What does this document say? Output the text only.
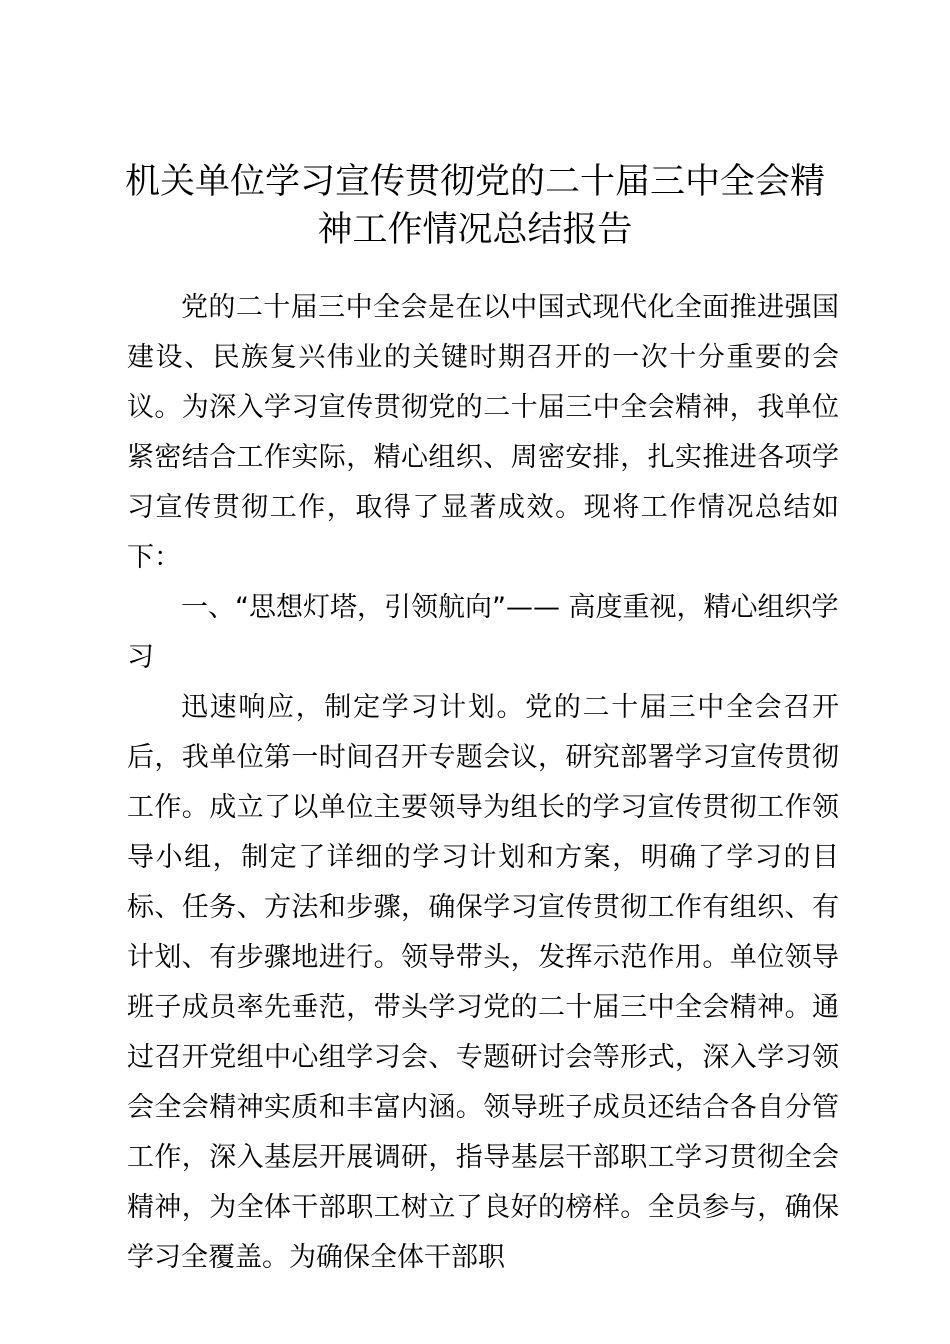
机关单位学习宣传贯彻党的二十届三中全会精
神工作情况总结报告

党的二十届三中全会是在以中国式现代化全面推进强国建设、民族复兴伟业的关键时期召开的一次十分重要的会议。为深入学习宣传贯彻党的二十届三中全会精神，我单位紧密结合工作实际，精心组织、周密安排，扎实推进各项学习宣传贯彻工作，取得了显著成效。现将工作情况总结如下：

一、“思想灯塔，引领航向”—— 高度重视，精心组织学习

迅速响应，制定学习计划。党的二十届三中全会召开后，我单位第一时间召开专题会议，研究部署学习宣传贯彻工作。成立了以单位主要领导为组长的学习宣传贯彻工作领导小组，制定了详细的学习计划和方案，明确了学习的目标、任务、方法和步骤，确保学习宣传贯彻工作有组织、有计划、有步骤地进行。领导带头，发挥示范作用。单位领导班子成员率先垂范，带头学习党的二十届三中全会精神。通过召开党组中心组学习会、专题研讨会等形式，深入学习领会全会精神实质和丰富内涵。领导班子成员还结合各自分管工作，深入基层开展调研，指导基层干部职工学习贯彻全会精神，为全体干部职工树立了良好的榜样。全员参与，确保学习全覆盖。为确保全体干部职
